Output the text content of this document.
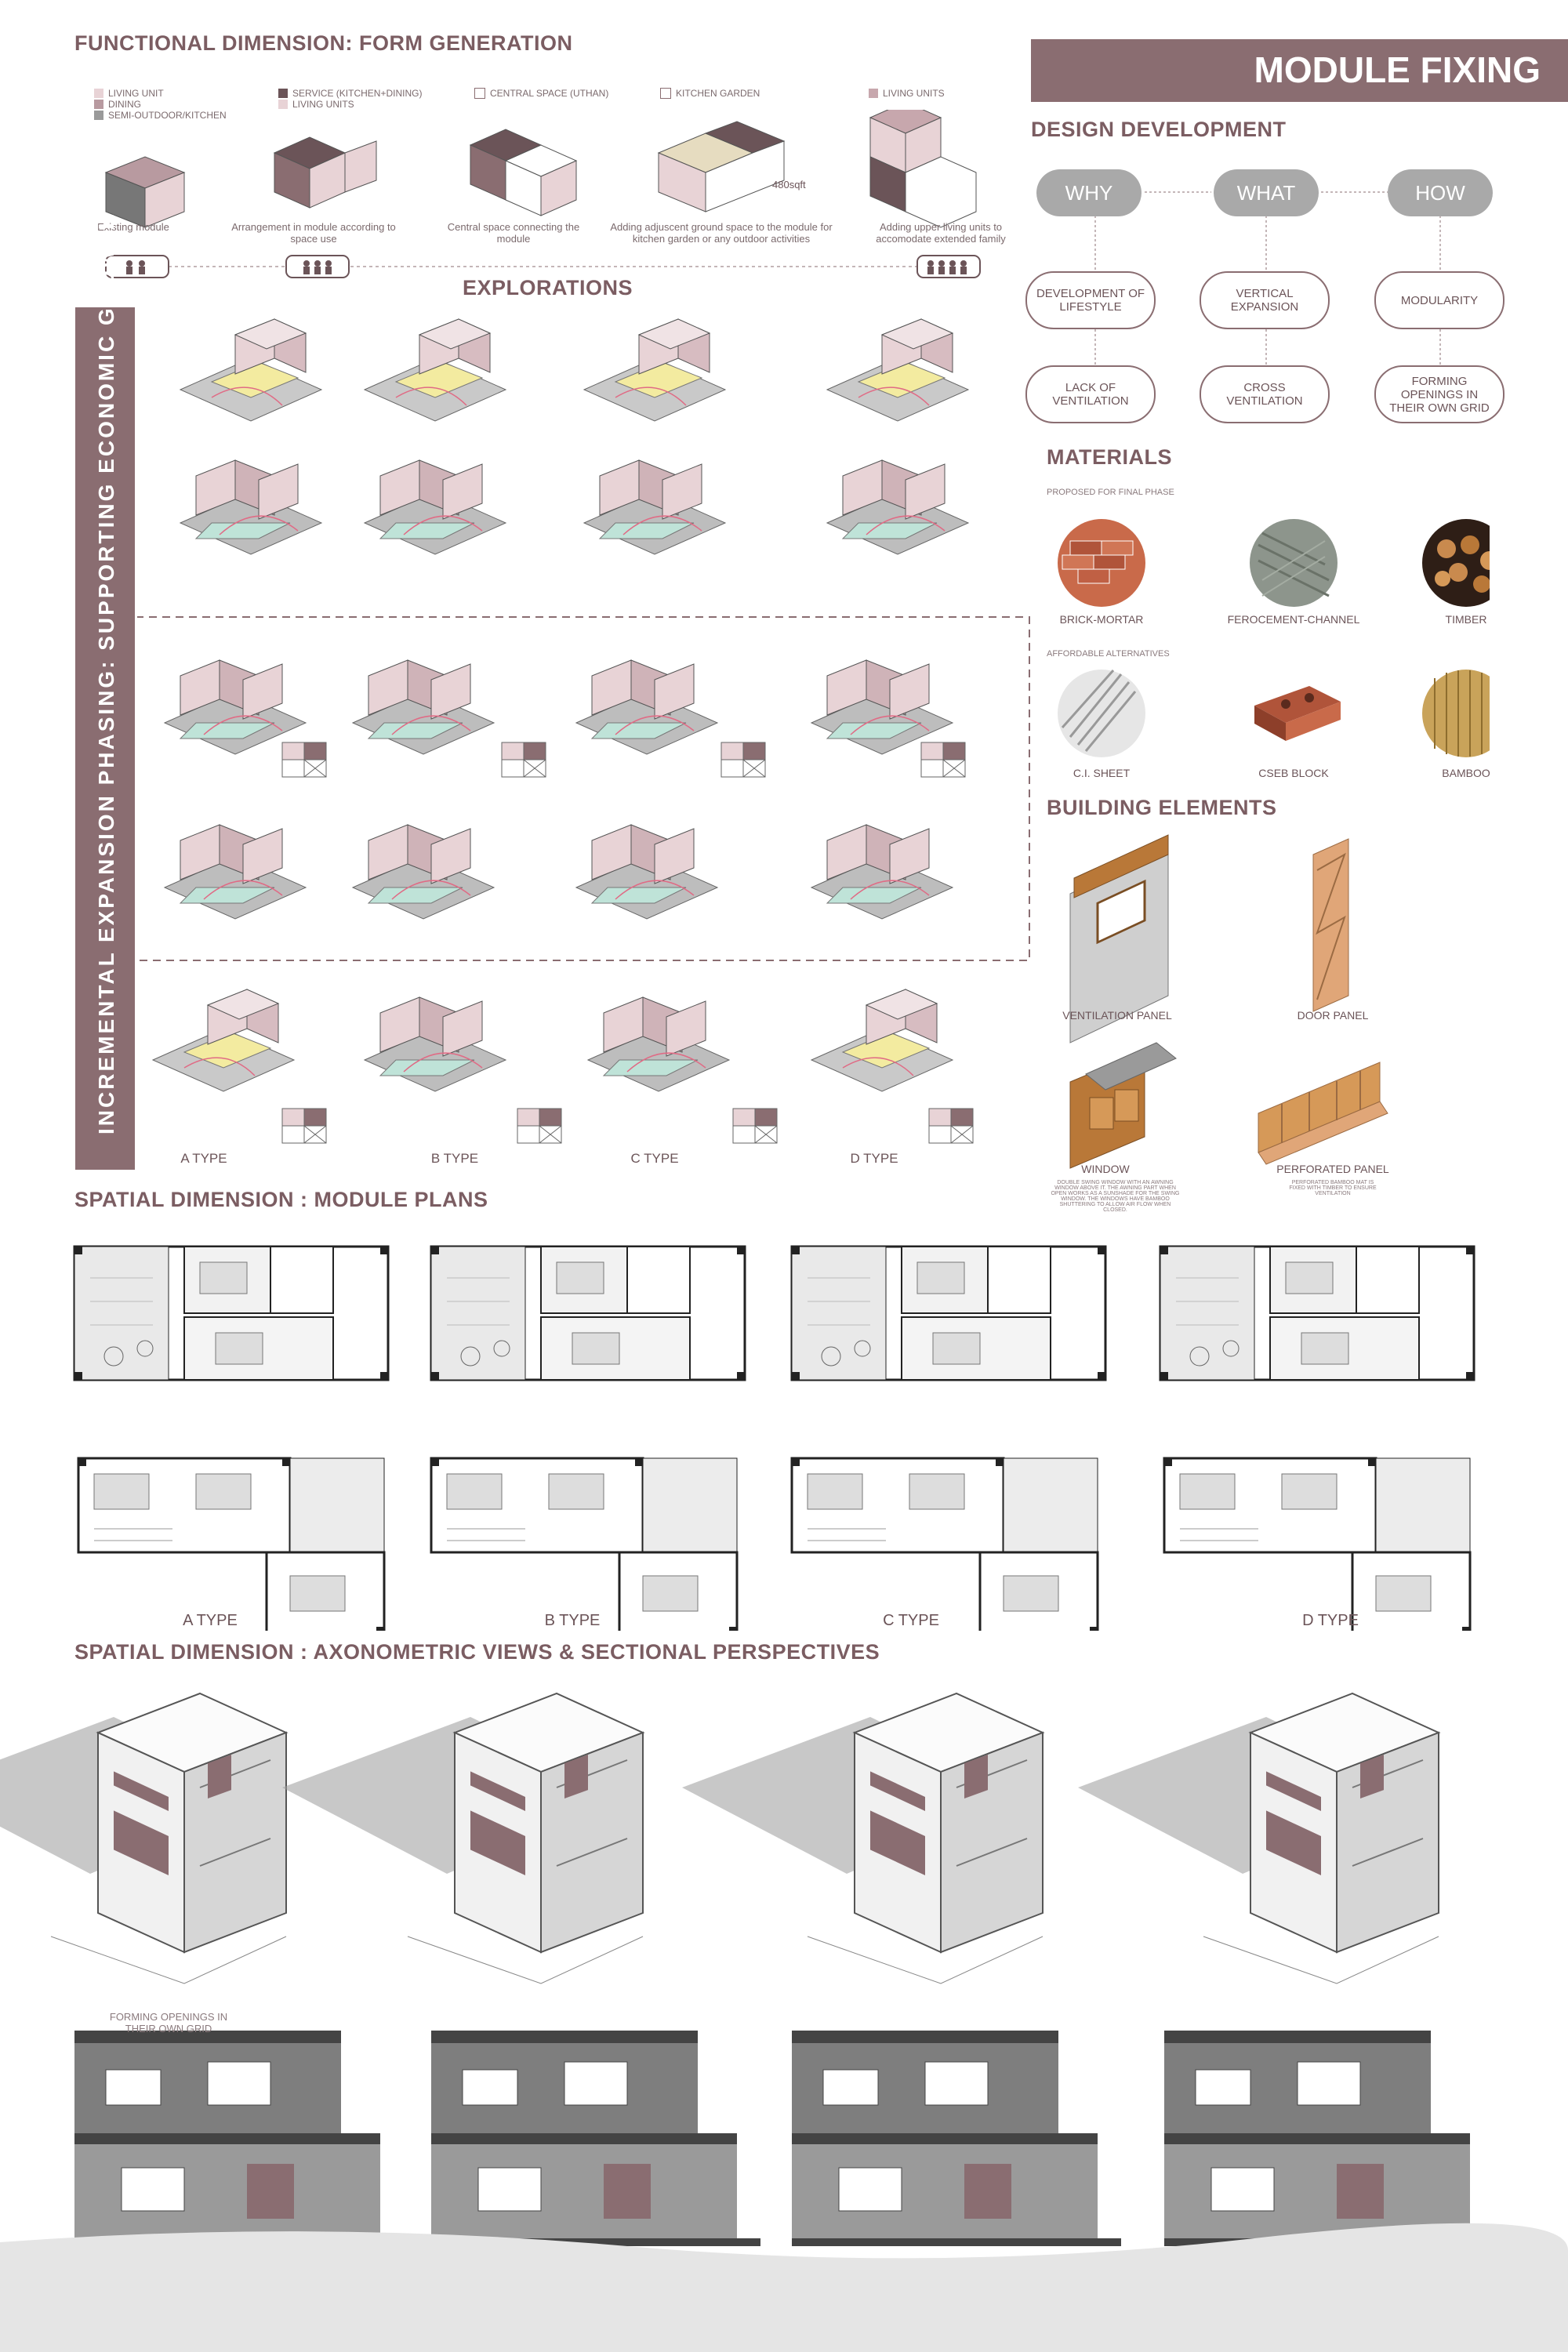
FUNCTIONAL DIMENSION: FORM GENERATION
MODULE FIXING
LIVING UNIT
DINING
SEMI-OUTDOOR/KITCHEN
SERVICE (KITCHEN+DINING)
LIVING UNITS
CENTRAL SPACE (UTHAN)	KITCHEN GARDEN	LIVING UNITS
480sqft
Existing module	Arrangement in module according to space use
Central space connecting the module
Adding adjuscent ground space to the module for kitchen garden or any outdoor activities
Adding upper living units to accomodate extended family
EXPLORATIONS
INCREMENTAL EXPANSION PHASING: SUPPORTING ECONOMIC GROWTH
A TYPE	B TYPE	C TYPE	D TYPE
DESIGN DEVELOPMENT
WHY	WHAT	HOW
DEVELOPMENT OF LIFESTYLE
VERTICAL EXPANSION	MODULARITY
LACK OF VENTILATION
CROSS VENTILATION
FORMING OPENINGS IN THEIR OWN GRID
MATERIALS
PROPOSED FOR FINAL PHASE
BRICK-MORTAR	FEROCEMENT-CHANNEL	TIMBER
AFFORDABLE ALTERNATIVES
C.I. SHEET	CSEB BLOCK	BAMBOO
BUILDING ELEMENTS
VENTILATION PANEL	DOOR PANEL
WINDOW	PERFORATED PANEL
DOUBLE SWING WINDOW WITH AN AWNING WINDOW ABOVE IT. THE AWNING PART WHEN OPEN WORKS AS A SUNSHADE FOR THE SWING WINDOW. THE WINDOWS HAVE BAMBOO SHUTTERING TO ALLOW AIR FLOW WHEN CLOSED.
PERFORATED BAMBOO MAT IS FIXED WITH TIMBER TO ENSURE VENTILATION
SPATIAL DIMENSION : MODULE PLANS
A TYPE	B TYPE	C TYPE	D TYPE
SPATIAL DIMENSION : AXONOMETRIC VIEWS & SECTIONAL PERSPECTIVES
FORMING OPENINGS IN THEIR OWN GRID
